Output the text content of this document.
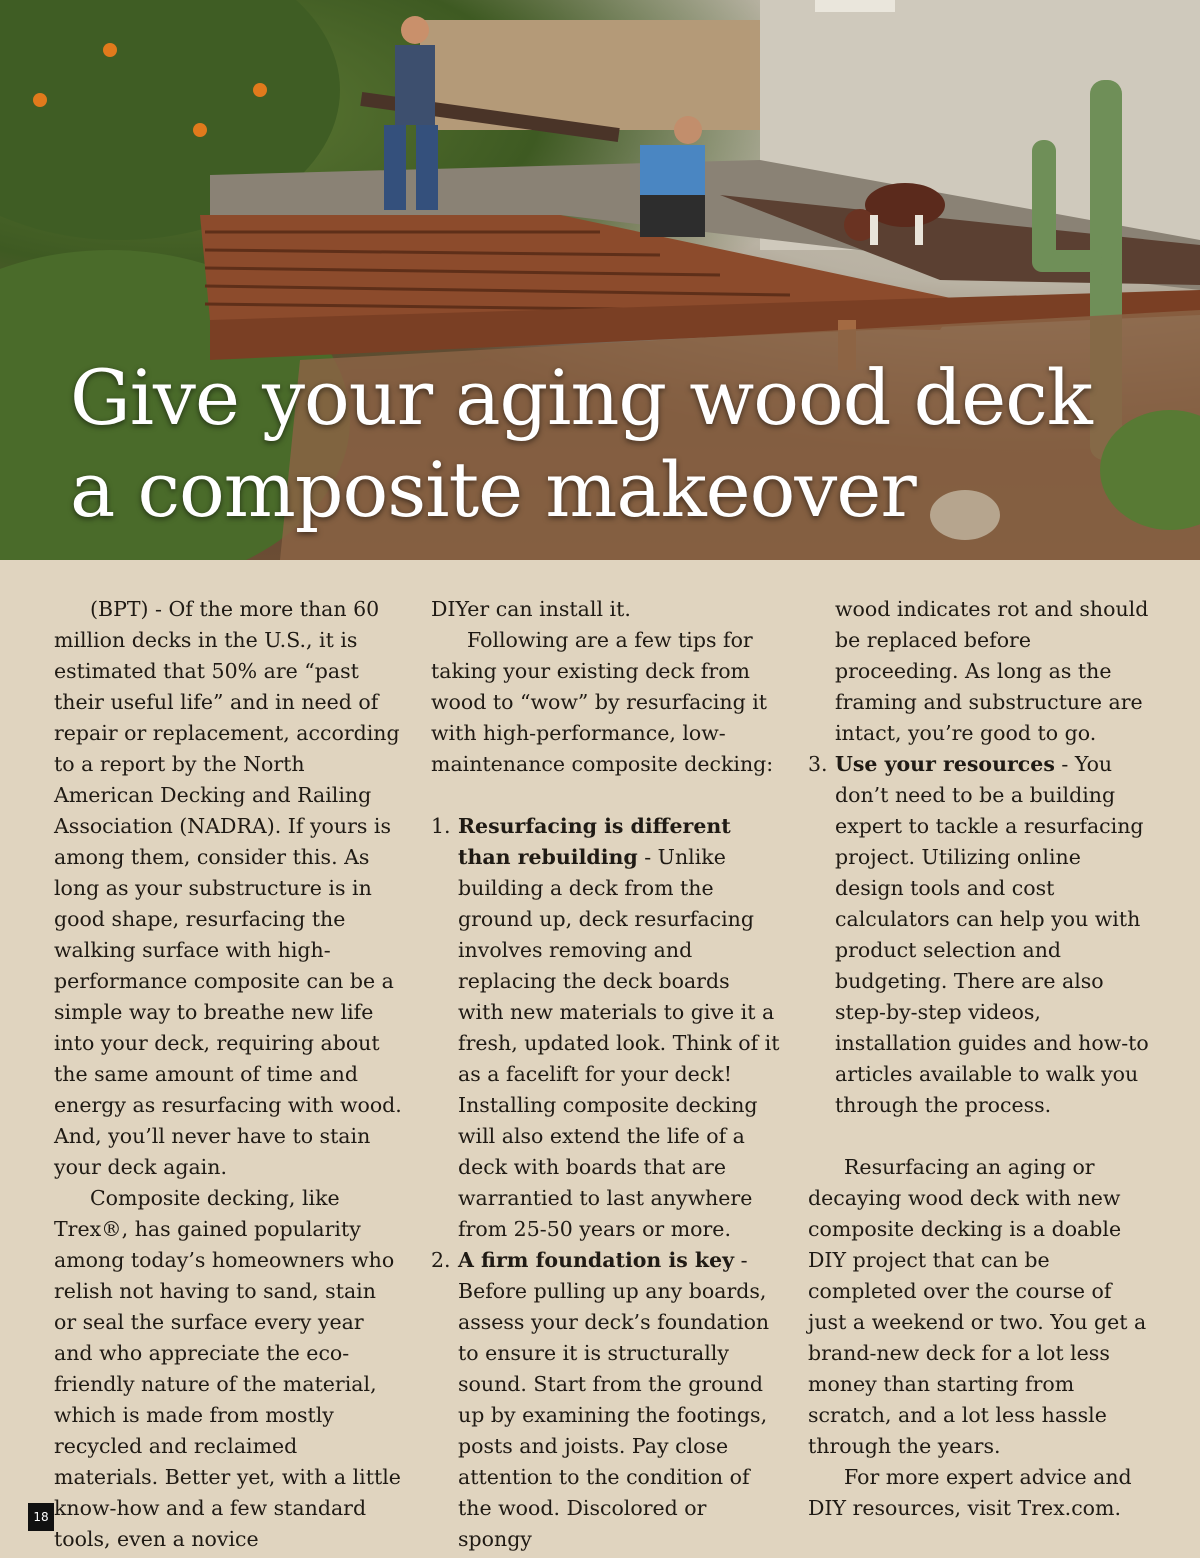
Give your aging wood deck
a composite makeover

(BPT) - Of the more than 60 million decks in the U.S., it is estimated that 50% are “past their useful life” and in need of repair or replacement, according to a report by the North American Decking and Railing Association (NADRA). If yours is among them, consider this. As long as your substructure is in good shape, resurfacing the walking surface with high-performance composite can be a simple way to breathe new life into your deck, requiring about the same amount of time and energy as resurfacing with wood. And, you’ll never have to stain your deck again.

Composite decking, like Trex®, has gained popularity among today’s homeowners who relish not having to sand, stain or seal the surface every year and who appreciate the eco-friendly nature of the material, which is made from mostly recycled and reclaimed materials. Better yet, with a little know-how and a few standard tools, even a novice

DIYer can install it.

Following are a few tips for taking your existing deck from wood to “wow” by resurfacing it with high-performance, low-maintenance composite decking:

1. Resurfacing is different than rebuilding - Unlike building a deck from the ground up, deck resurfacing involves removing and replacing the deck boards with new materials to give it a fresh, updated look. Think of it as a facelift for your deck! Installing composite decking will also extend the life of a deck with boards that are warrantied to last anywhere from 25-50 years or more.
2. A firm foundation is key - Before pulling up any boards, assess your deck’s foundation to ensure it is structurally sound. Start from the ground up by examining the footings, posts and joists. Pay close attention to the condition of the wood. Discolored or spongy
wood indicates rot and should be replaced before proceeding. As long as the framing and substructure are intact, you’re good to go.
3. Use your resources - You don’t need to be a building expert to tackle a resurfacing project. Utilizing online design tools and cost calculators can help you with product selection and budgeting. There are also step-by-step videos, installation guides and how-to articles available to walk you through the process.

Resurfacing an aging or decaying wood deck with new composite decking is a doable DIY project that can be completed over the course of just a weekend or two. You get a brand-new deck for a lot less money than starting from scratch, and a lot less hassle through the years.

For more expert advice and DIY resources, visit Trex.com.

18
